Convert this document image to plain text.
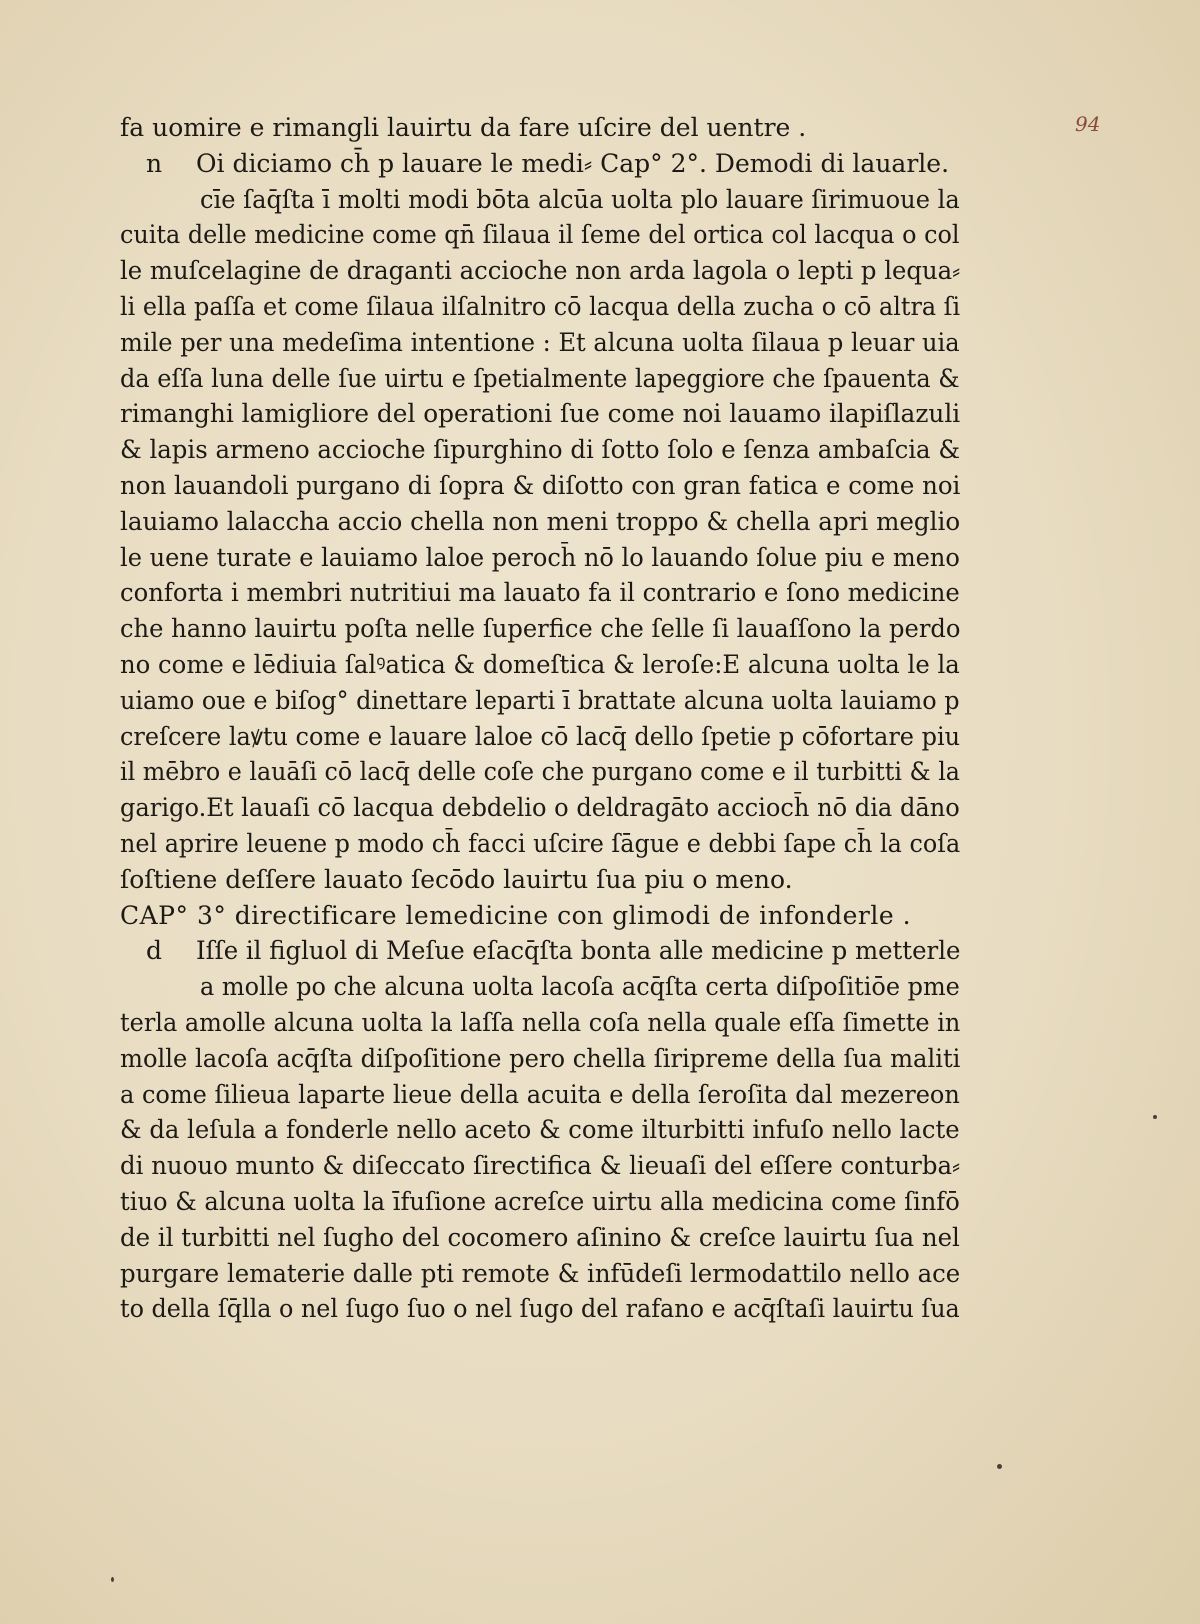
94
fa uomire e rimangli lauirtu da fare uſcire del uentre .
n Oi diciamo ch̄ p lauare le medi⸗ Cap° 2°. Demodi di lauarle.
cīe ſaq̄ſta ī molti modi bōta alcūa uolta plo lauare ſirimuoue la
cuita delle medicine come qn̄ ſilaua il ſeme del ortica col lacqua o col
le muſcelagine de draganti accioche non arda lagola o lepti p lequa⸗
li ella paſſa et come ſilaua ilſalnitro cō lacqua della zucha o cō altra ſi
mile per una medeſima intentione : Et alcuna uolta ſilaua p leuar uia
da eſſa luna delle ſue uirtu e ſpetialmente lapeggiore che ſpauenta &
rimanghi lamigliore del operationi ſue come noi lauamo ilapiſlazuli
& lapis armeno accioche ſipurghino di ſotto ſolo e ſenza ambaſcia &
non lauandoli purgano di ſopra & diſotto con gran fatica e come noi
lauiamo lalaccha accio chella non meni troppo & chella apri meglio
le uene turate e lauiamo laloe peroch̄ nō lo lauando ſolue piu e meno
conforta i membri nutritiui ma lauato fa il contrario e ſono medicine
che hanno lauirtu poſta nelle ſuperfice che ſelle ſi lauaſſono la perdo
no come e lēdiuia ſalꝰatica & domeſtica & leroſe:E alcuna uolta le la
uiamo oue e biſog° dinettare leparti ī brattate alcuna uolta lauiamo p
creſcere laꝟtu come e lauare laloe cō lacq̄ dello ſpetie p cōfortare piu
il mēbro e lauāſi cō lacq̄ delle coſe che purgano come e il turbitti & la
garigo.Et lauaſi cō lacqua debdelio o deldragāto accioch̄ nō dia dāno
nel aprire leuene p modo ch̄ facci uſcire ſāgue e debbi ſape ch̄ la coſa
ſoſtiene deſſere lauato ſecōdo lauirtu ſua piu o meno.
CAP° 3° directificare lemedicine con glimodi de infonderle .
d Iſſe il figluol di Meſue eſacq̄ſta bonta alle medicine p metterle
a molle po che alcuna uolta lacoſa acq̄ſta certa diſpoſitiōe pme
terla amolle alcuna uolta la laſſa nella coſa nella quale eſſa ſimette in
molle lacoſa acq̄ſta diſpoſitione pero chella ſiripreme della ſua maliti
a come ſilieua laparte lieue della acuita e della ſeroſita dal mezereon
& da leſula a fonderle nello aceto & come ilturbitti infuſo nello lacte
di nuouo munto & diſeccato ſirectifica & lieuaſi del eſſere conturba⸗
tiuo & alcuna uolta la īfuſione acreſce uirtu alla medicina come ſinfō
de il turbitti nel ſugho del cocomero aſinino & creſce lauirtu ſua nel
purgare lematerie dalle pti remote & infūdeſi lermodattilo nello ace
to della ſq̄lla o nel ſugo ſuo o nel ſugo del rafano e acq̄ſtaſi lauirtu ſua
